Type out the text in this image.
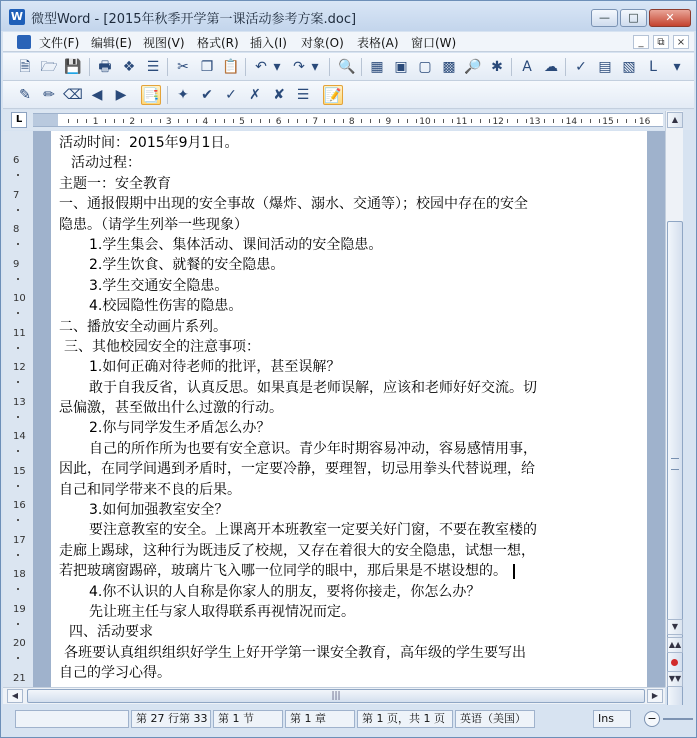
W 微型Word - [2015年秋季开学第一课活动参考方案.doc]	—	□	✕
文件(F) 编辑(E) 视图(V) 格式(R) 插入(I) 对象(O) 表格(A) 窗口(W)	_	⧉	×
🗎 🗁 💾 🖶 ❖ ☰ ✂ ❐ 📋 ↶ ▾ ↷ ▾	🔍 ▦ ▣ ▢ ▩ 🔎 ✱	A ☁ ✓ ▤ ▧ L	▾
✎ ✏ ⌫ ◀ ▶	📑 ✦ ✔ ✓ ✗ ✘ ☰ 📝
L	1	2	3	4	5	6	7	8	9	10	11	12	13	14	15	16
6
7
8
9
10
11
12
13
14
15
16
17
18
19
20
21
活动时间：2015年9月1日。
活动过程：
主题一：安全教育
一、通报假期中出现的安全事故（爆炸、溺水、交通等）；校园中存在的安全
隐患。（请学生列举一些现象）
1.学生集会、集体活动、课间活动的安全隐患。
2.学生饮食、就餐的安全隐患。
3.学生交通安全隐患。
4.校园隐性伤害的隐患。
二、播放安全动画片系列。
三、其他校园安全的注意事项：
1.如何正确对待老师的批评，甚至误解？
敢于自我反省，认真反思。如果真是老师误解，应该和老师好好交流。切
忌偏激，甚至做出什么过激的行动。
2.你与同学发生矛盾怎么办？
自己的所作所为也要有安全意识。青少年时期容易冲动，容易感情用事，
因此，在同学间遇到矛盾时，一定要冷静，要理智，切忌用拳头代替说理，给
自己和同学带来不良的后果。
3.如何加强教室安全？
要注意教室的安全。上课离开本班教室一定要关好门窗，不要在教室楼的
走廊上踢球，这种行为既违反了校规，又存在着很大的安全隐患，试想一想，
若把玻璃窗踢碎，玻璃片飞入哪一位同学的眼中，那后果是不堪设想的。
4.你不认识的人自称是你家人的朋友，要将你接走，你怎么办？
先让班主任与家人取得联系再视情况而定。
四、活动要求
各班要认真组织组织好学生上好开学第一课安全教育，高年级的学生要写出
自己的学习心得。
▲
▼
▲▲
▼▼
◀	|||	▶
第 27 行第 33 第 1 节	第 1 章	第 1 页，共 1 页	英语（美国）	Ins	−
